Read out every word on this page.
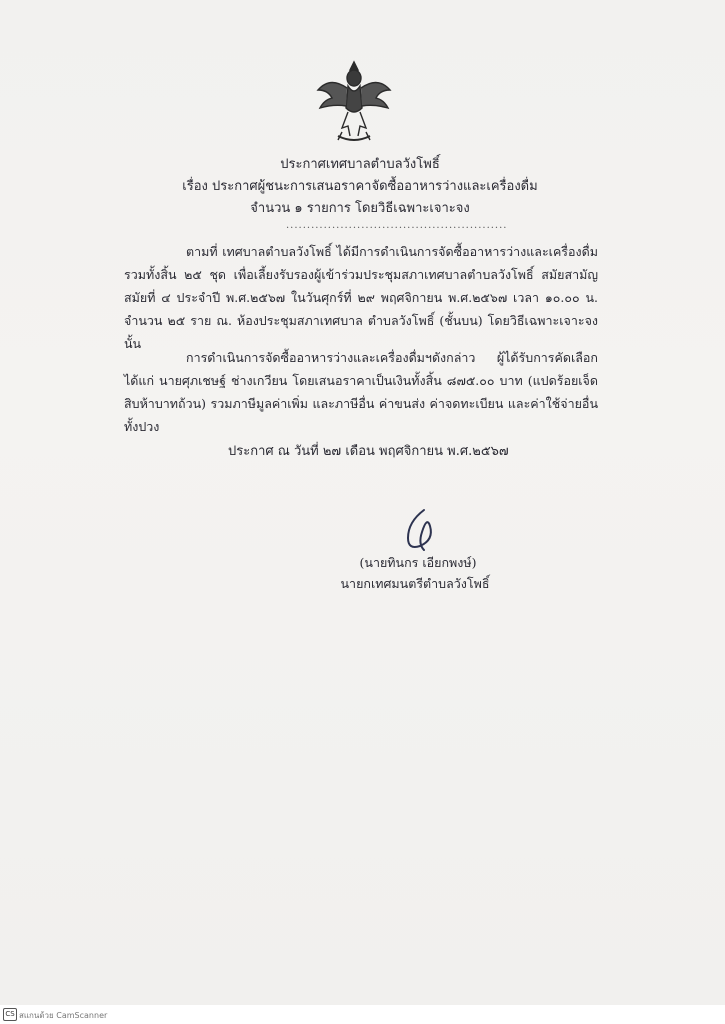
ประกาศเทศบาลตำบลวังโพธิ์
เรื่อง ประกาศผู้ชนะการเสนอราคาจัดซื้ออาหารว่างและเครื่องดื่ม
จำนวน ๑ รายการ โดยวิธีเฉพาะเจาะจง
.....................................................
ตามที่ เทศบาลตำบลวังโพธิ์ ได้มีการดำเนินการจัดซื้ออาหารว่างและเครื่องดื่ม รวมทั้งสิ้น ๒๕ ชุด เพื่อเลี้ยงรับรองผู้เข้าร่วมประชุมสภาเทศบาลตำบลวังโพธิ์ สมัยสามัญ สมัยที่ ๔ ประจำปี พ.ศ.๒๕๖๗ ในวันศุกร์ที่ ๒๙ พฤศจิกายน พ.ศ.๒๕๖๗ เวลา ๑๐.๐๐ น. จำนวน ๒๕ ราย ณ. ห้องประชุมสภาเทศบาล ตำบลวังโพธิ์ (ชั้นบน) โดยวิธีเฉพาะเจาะจง นั้น
การดำเนินการจัดซื้ออาหารว่างและเครื่องดื่มฯดังกล่าว ผู้ได้รับการคัดเลือก ได้แก่ นายศุภเชษฐ์ ช่างเกวียน โดยเสนอราคาเป็นเงินทั้งสิ้น ๘๗๕.๐๐ บาท (แปดร้อยเจ็ดสิบห้าบาทถ้วน) รวมภาษีมูลค่าเพิ่ม และภาษีอื่น ค่าขนส่ง ค่าจดทะเบียน และค่าใช้จ่ายอื่นทั้งปวง
ประกาศ ณ วันที่ ๒๗ เดือน พฤศจิกายน พ.ศ.๒๕๖๗
(นายทินกร เอียกพงษ์)
นายกเทศมนตรีตำบลวังโพธิ์
CS สแกนด้วย CamScanner
